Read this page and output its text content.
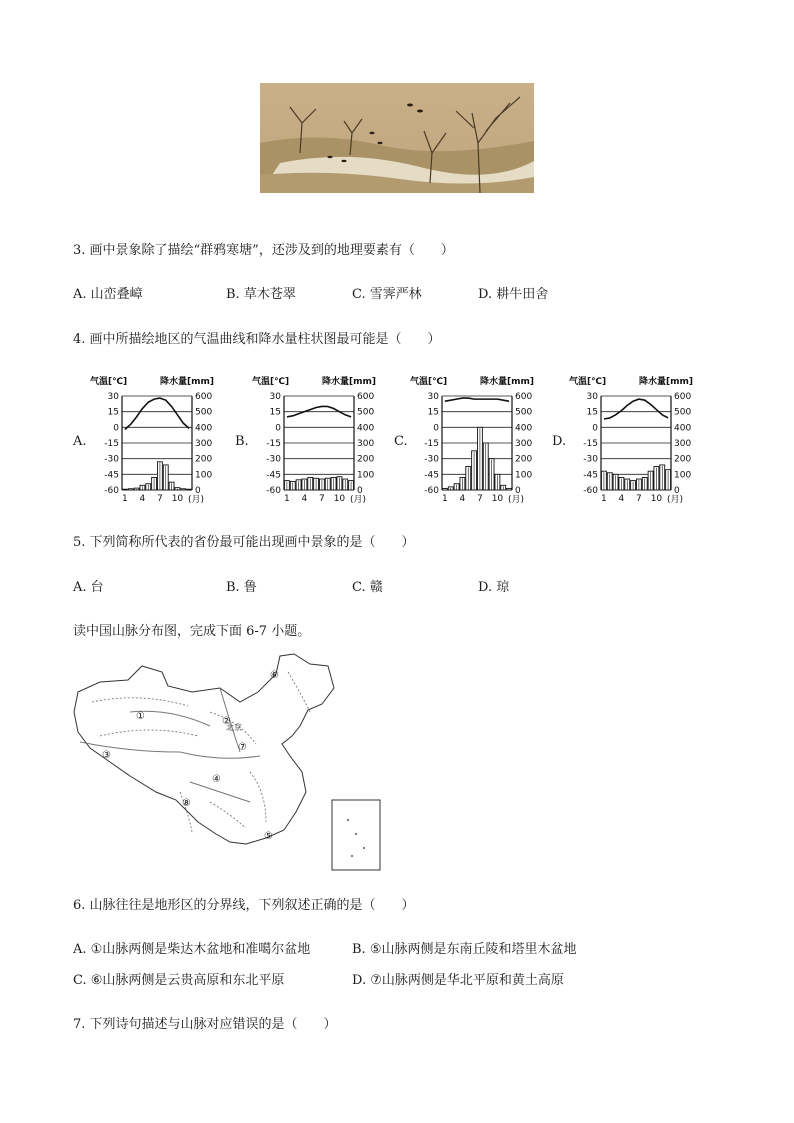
3. 画中景象除了描绘“群鸦寒塘”，还涉及到的地理要素有（　　）
A. 山峦叠嶂	B. 草木苍翠	C. 雪霁严林	D. 耕牛田舍
4. 画中所描绘地区的气温曲线和降水量柱状图最可能是（　　）
A.	B.	C.	D.
气温[℃]	降水量[mm]
30	600
15	500
0	400
-15	300
-30	200
-45	100
-60	0
1 4 7 10 (月)
气温[℃]	降水量[mm]
30	600
15	500
0	400
-15	300
-30	200
-45	100
-60	0
1 4 7 10 (月)
气温[℃]	降水量[mm]
30	600
15	500
0	400
-15	300
-30	200
-45	100
-60	0
1 4 7 10 (月)
气温[℃]	降水量[mm]
30	600
15	500
0	400
-15	300
-30	200
-45	100
-60	0
1 4 7 10 (月)
5. 下列简称所代表的省份最可能出现画中景象的是（　　）
A. 台	B. 鲁	C. 赣	D. 琼
读中国山脉分布图，完成下面 6-7 小题。
北京
①	②
③
④
⑤
⑥
⑦
⑧
6. 山脉往往是地形区的分界线，下列叙述正确的是（　　）
A. ①山脉两侧是柴达木盆地和准噶尔盆地	B. ⑤山脉两侧是东南丘陵和塔里木盆地
C. ⑥山脉两侧是云贵高原和东北平原	D. ⑦山脉两侧是华北平原和黄土高原
7. 下列诗句描述与山脉对应错误的是（　　）
